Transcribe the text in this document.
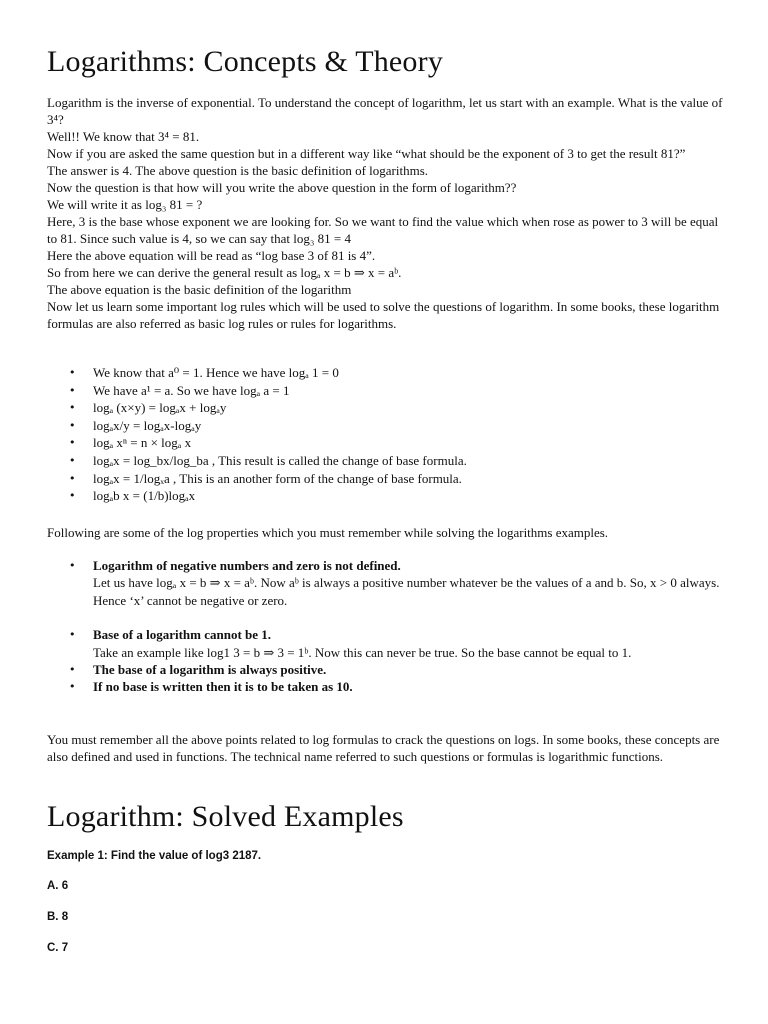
Logarithms: Concepts & Theory

Logarithm is the inverse of exponential. To understand the concept of logarithm, let us start with an example. What is the value of 3⁴?

Well!! We know that 3⁴ = 81.

Now if you are asked the same question but in a different way like “what should be the exponent of 3 to get the result 81?”

The answer is 4. The above question is the basic definition of logarithms.

Now the question is that how will you write the above question in the form of logarithm??

We will write it as log₃ 81 = ?

Here, 3 is the base whose exponent we are looking for. So we want to find the value which when rose as power to 3 will be equal to 81. Since such value is 4, so we can say that log₃ 81 = 4

Here the above equation will be read as “log base 3 of 81 is 4”.

So from here we can derive the general result as logₐ x = b ⇒ x = aᵇ.

The above equation is the basic definition of the logarithm

Now let us learn some important log rules which will be used to solve the questions of logarithm. In some books, these logarithm formulas are also referred as basic log rules or rules for logarithms.

• We know that a⁰ = 1. Hence we have logₐ 1 = 0
• We have a¹ = a. So we have logₐ a = 1
• logₐ (x×y) = logₐx + logₐy
• logₐx/y = logₐx-logₐy
• logₐ xⁿ = n × logₐ x
• logₐx = log_bx/log_ba , This result is called the change of base formula.
• logₐx = 1/logₓa , This is an another form of the change of base formula.
• logₐb x = (1/b)logₐx

Following are some of the log properties which you must remember while solving the logarithms examples.

• Logarithm of negative numbers and zero is not defined.
Let us have logₐ x = b ⇒ x = aᵇ. Now aᵇ is always a positive number whatever be the values of a and b. So, x > 0 always. Hence ‘x’ cannot be negative or zero.
• Base of a logarithm cannot be 1.
Take an example like log1 3 = b ⇒ 3 = 1ᵇ. Now this can never be true. So the base cannot be equal to 1.
• The base of a logarithm is always positive.
• If no base is written then it is to be taken as 10.

You must remember all the above points related to log formulas to crack the questions on logs. In some books, these concepts are also defined and used in functions. The technical name referred to such questions or formulas is logarithmic functions.

Logarithm: Solved Examples
Example 1: Find the value of log3 2187.
A. 6
B. 8
C. 7
